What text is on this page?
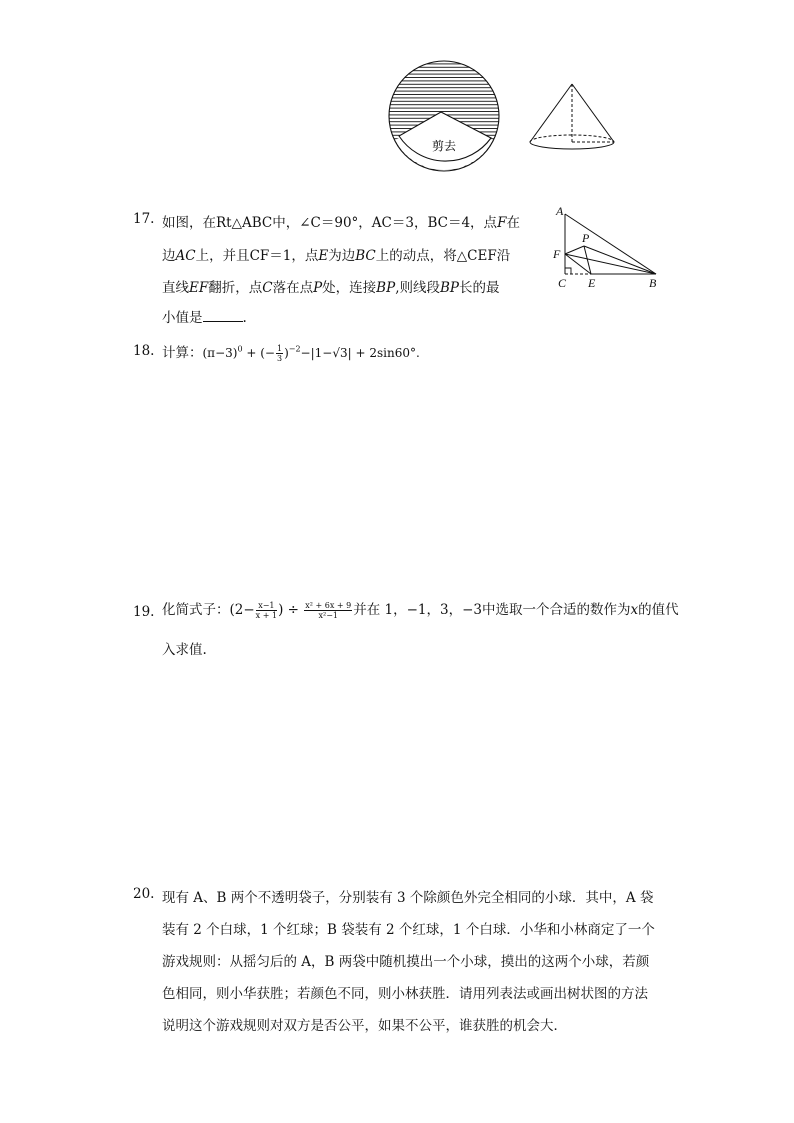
剪去
17. 如图，在Rt△ABC中，∠C＝90°，AC＝3，BC＝4，点F在
边AC上，并且CF＝1，点E为边BC上的动点，将△CEF沿
直线EF翻折，点C落在点P处，连接BP,则线段BP长的最
小值是	.
A
P
F
C E	B
18. 计算：$(\pi-3)^0$ + (− $\frac{1}{3} )^{-2}-|1-√3| + 2\sin 60^\circ$.
19. 化简式子：($2- \frac{x-1}{x + 1}$ ) ÷ $\frac{\text{x² + 6x + 9}}{\text{x²−1}}$ 并在 1，−1，3，−3中选取一个合适的数作为x的值代
入求值.
20. 现有 A、B 两个不透明袋子，分别装有 3 个除颜色外完全相同的小球．其中，A 袋
装有 2 个白球，1 个红球；B 袋装有 2 个红球，1 个白球．小华和小林商定了一个
游戏规则：从摇匀后的 A，B 两袋中随机摸出一个小球，摸出的这两个小球，若颜
色相同，则小华获胜；若颜色不同，则小林获胜．请用列表法或画出树状图的方法
说明这个游戏规则对双方是否公平，如果不公平，谁获胜的机会大．
